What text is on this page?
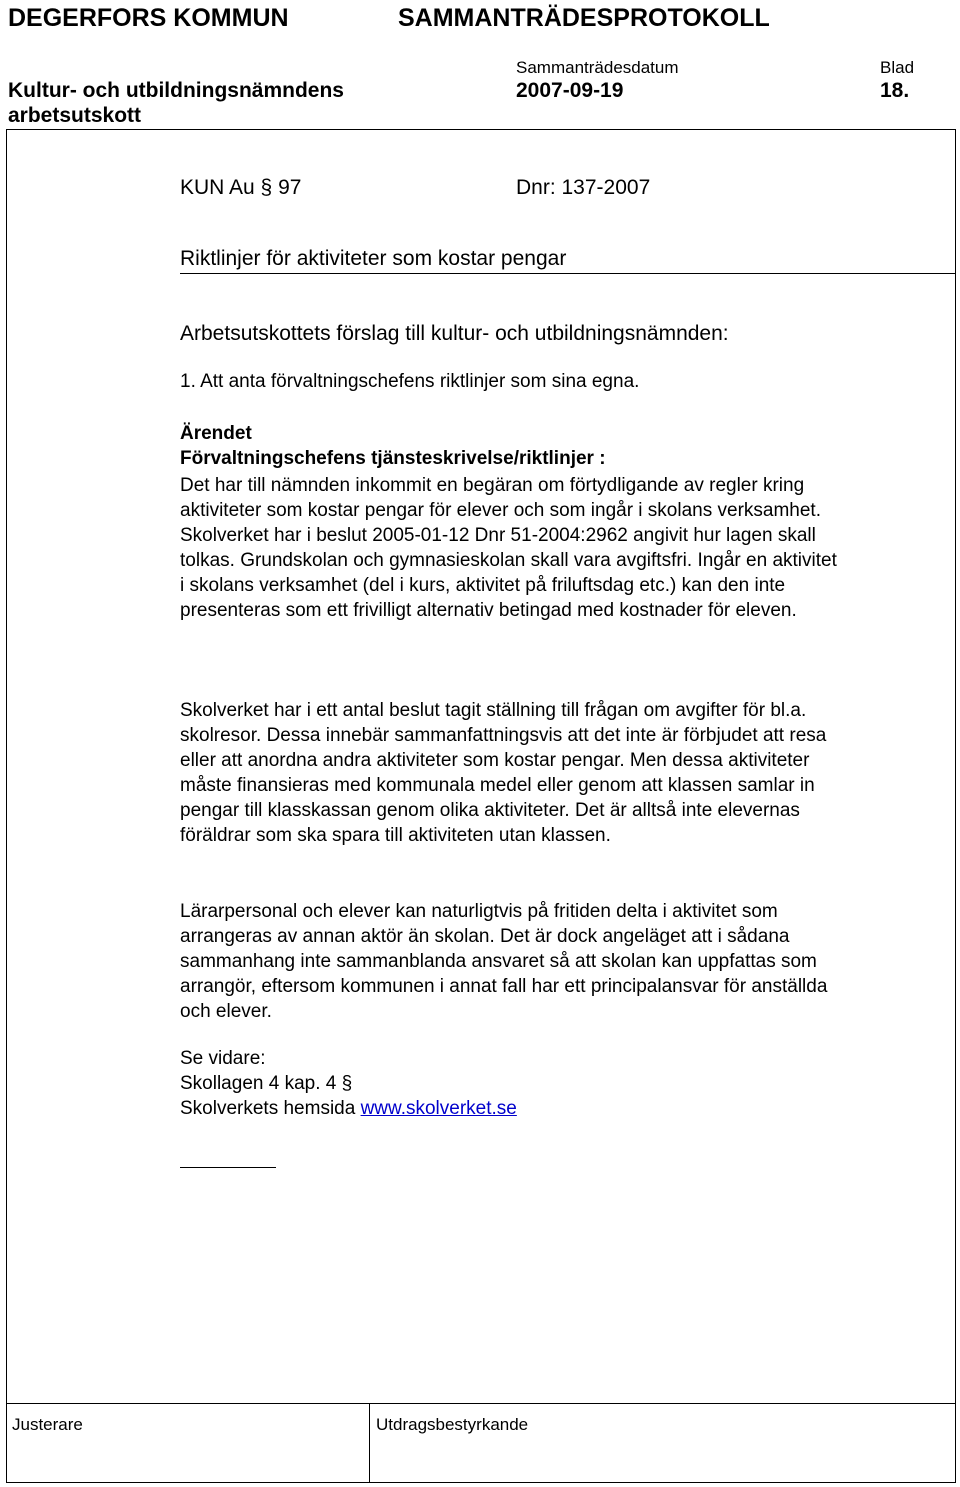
DEGERFORS KOMMUN	SAMMANTRÄDESPROTOKOLL
Sammanträdesdatum	Blad
Kultur- och utbildningsnämndens	2007-09-19	18.
arbetsutskott
KUN Au § 97	Dnr: 137-2007
Riktlinjer för aktiviteter som kostar pengar
Arbetsutskottets förslag till kultur- och utbildningsnämnden:
1. Att anta förvaltningschefens riktlinjer som sina egna.
Ärendet
Förvaltningschefens tjänsteskrivelse/riktlinjer :
Det har till nämnden inkommit en begäran om förtydligande av regler kring aktiviteter som kostar pengar för elever och som ingår i skolans verksamhet. Skolverket har i beslut 2005-01-12 Dnr 51-2004:2962 angivit hur lagen skall tolkas. Grundskolan och gymnasieskolan skall vara avgiftsfri. Ingår en aktivitet i skolans verksamhet (del i kurs, aktivitet på friluftsdag etc.) kan den inte presenteras som ett frivilligt alternativ betingad med kostnader för eleven.
Skolverket har i ett antal beslut tagit ställning till frågan om avgifter för bl.a. skolresor. Dessa innebär sammanfattningsvis att det inte är förbjudet att resa eller att anordna andra aktiviteter som kostar pengar. Men dessa aktiviteter måste finansieras med kommunala medel eller genom att klassen samlar in pengar till klasskassan genom olika aktiviteter. Det är alltså inte elevernas föräldrar som ska spara till aktiviteten utan klassen.
Lärarpersonal och elever kan naturligtvis på fritiden delta i aktivitet som arrangeras av annan aktör än skolan. Det är dock angeläget att i sådana sammanhang inte sammanblanda ansvaret så att skolan kan uppfattas som arrangör, eftersom kommunen i annat fall har ett principalansvar för anställda och elever.
Se vidare:
Skollagen 4 kap. 4 §
Skolverkets hemsida www.skolverket.se
Justerare	Utdragsbestyrkande
